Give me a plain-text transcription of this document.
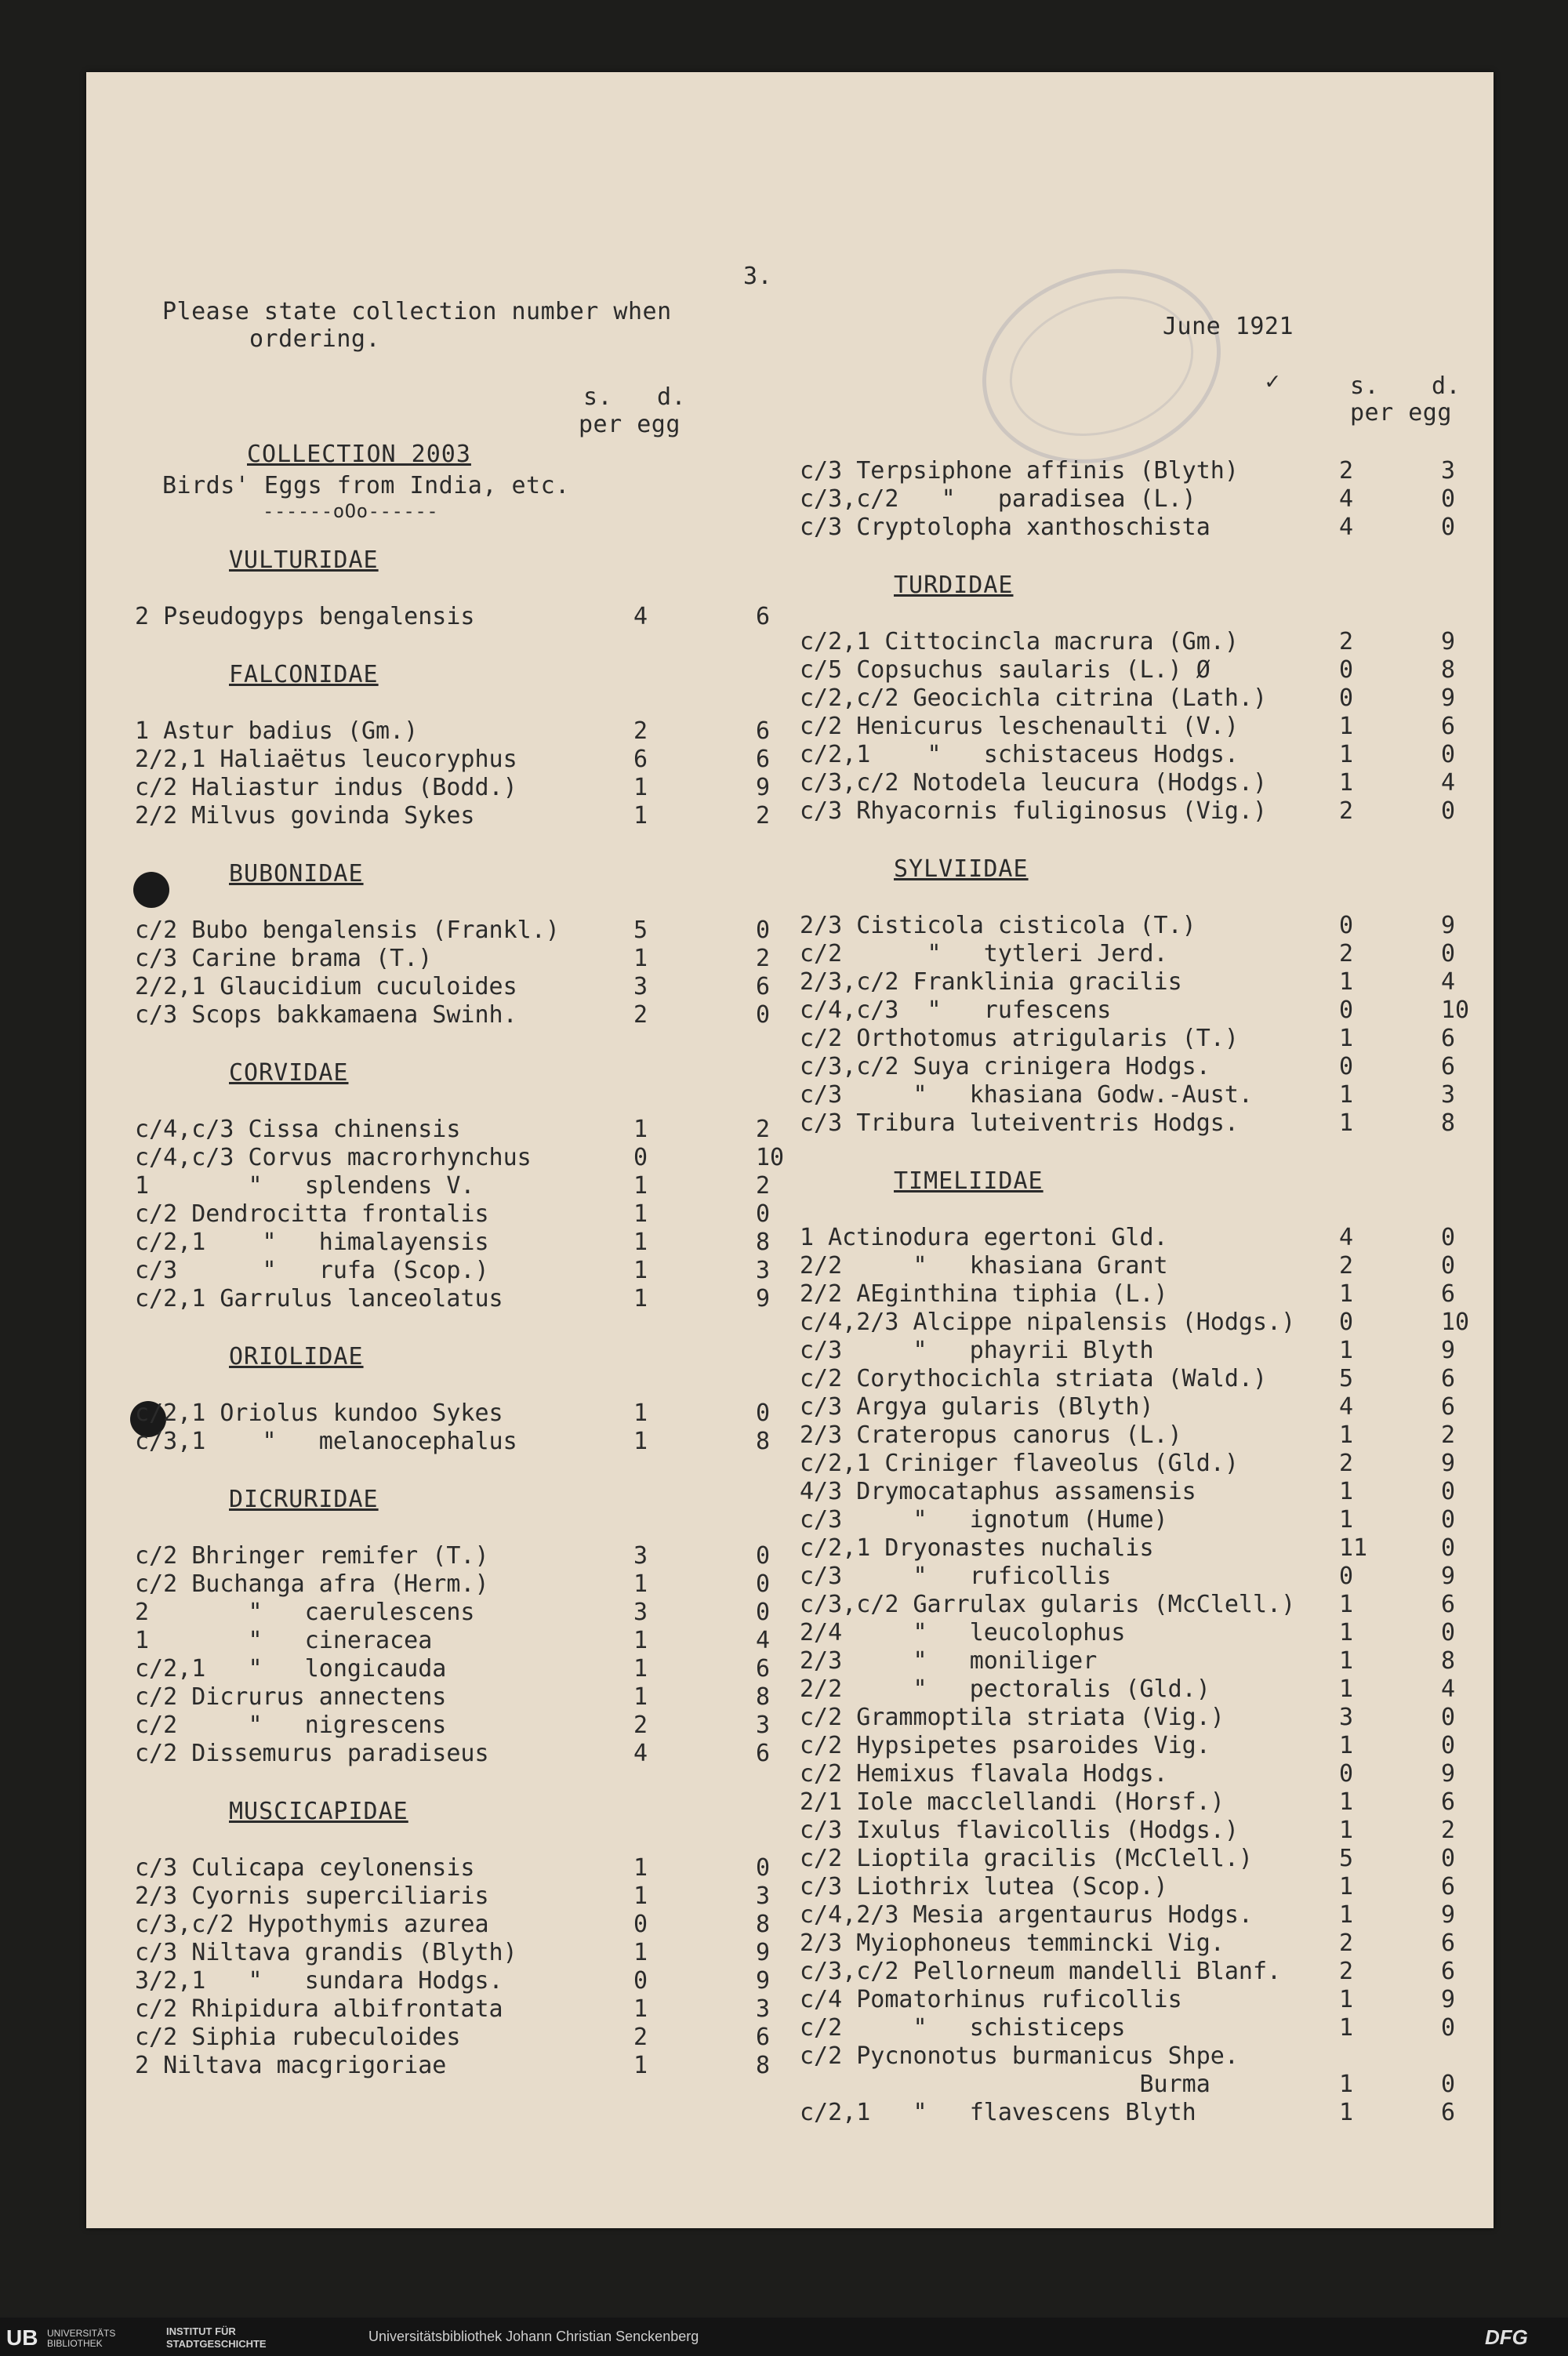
3.
Please state collection number when
ordering.	June 1921
s. d.
per egg
✓	s. d.
per egg
COLLECTION 2003
Birds' Eggs from India, etc.
------oOo------
VULTURIDAE
2 Pseudogyps bengalensis	4	6
FALCONIDAE
1 Astur badius (Gm.)	2	6
2/2,1 Haliaëtus leucoryphus	6	6
c/2 Haliastur indus (Bodd.)	1	9
2/2 Milvus govinda Sykes	1	2
BUBONIDAE
c/2 Bubo bengalensis (Frankl.)	5	0
c/3 Carine brama (T.)	1	2
2/2,1 Glaucidium cuculoides	3	6
c/3 Scops bakkamaena Swinh.	2	0
CORVIDAE
c/4,c/3 Cissa chinensis	1	2
c/4,c/3 Corvus macrorhynchus	0	10
1       "   splendens V.	1	2
c/2 Dendrocitta frontalis	1	0
c/2,1    "   himalayensis	1	8
c/3      "   rufa (Scop.)	1	3
c/2,1 Garrulus lanceolatus	1	9
ORIOLIDAE
c/2,1 Oriolus kundoo Sykes	1	0
c/3,1    "   melanocephalus	1	8
DICRURIDAE
c/2 Bhringer remifer (T.)	3	0
c/2 Buchanga afra (Herm.)	1	0
2       "   caerulescens	3	0
1       "   cineracea	1	4
c/2,1   "   longicauda	1	6
c/2 Dicrurus annectens	1	8
c/2     "   nigrescens	2	3
c/2 Dissemurus paradiseus	4	6
MUSCICAPIDAE
c/3 Culicapa ceylonensis	1	0
2/3 Cyornis superciliaris	1	3
c/3,c/2 Hypothymis azurea	0	8
c/3 Niltava grandis (Blyth)	1	9
3/2,1   "   sundara Hodgs.	0	9
c/2 Rhipidura albifrontata	1	3
c/2 Siphia rubeculoides	2	6
2 Niltava macgrigoriae	1	8
c/3 Terpsiphone affinis (Blyth)	2	3
c/3,c/2   "   paradisea (L.)	4	0
c/3 Cryptolopha xanthoschista	4	0
TURDIDAE
c/2,1 Cittocincla macrura (Gm.)	2	9
c/5 Copsuchus saularis (L.) Ø	0	8
c/2,c/2 Geocichla citrina (Lath.)	0	9
c/2 Henicurus leschenaulti (V.)	1	6
c/2,1    "   schistaceus Hodgs.	1	0
c/3,c/2 Notodela leucura (Hodgs.)	1	4
c/3 Rhyacornis fuliginosus (Vig.)	2	0
SYLVIIDAE
2/3 Cisticola cisticola (T.)	0	9
c/2      "   tytleri Jerd.	2	0
2/3,c/2 Franklinia gracilis	1	4
c/4,c/3  "   rufescens	0	10
c/2 Orthotomus atrigularis (T.)	1	6
c/3,c/2 Suya crinigera Hodgs.	0	6
c/3     "   khasiana Godw.-Aust.	1	3
c/3 Tribura luteiventris Hodgs.	1	8
TIMELIIDAE
1 Actinodura egertoni Gld.	4	0
2/2     "   khasiana Grant	2	0
2/2 AEginthina tiphia (L.)	1	6
c/4,2/3 Alcippe nipalensis (Hodgs.) 0	10
c/3     "   phayrii Blyth	1	9
c/2 Corythocichla striata (Wald.)	5	6
c/3 Argya gularis (Blyth)	4	6
2/3 Crateropus canorus (L.)	1	2
c/2,1 Criniger flaveolus (Gld.)	2	9
4/3 Drymocataphus assamensis	1	0
c/3     "   ignotum (Hume)	1	0
c/2,1 Dryonastes nuchalis	11	0
c/3     "   ruficollis	0	9
c/3,c/2 Garrulax gularis (McClell.) 1	6
2/4     "   leucolophus	1	0
2/3     "   moniliger	1	8
2/2     "   pectoralis (Gld.)	1	4
c/2 Grammoptila striata (Vig.)	3	0
c/2 Hypsipetes psaroides Vig.	1	0
c/2 Hemixus flavala Hodgs.	0	9
2/1 Iole macclellandi (Horsf.)	1	6
c/3 Ixulus flavicollis (Hodgs.)	1	2
c/2 Lioptila gracilis (McClell.)	5	0
c/3 Liothrix lutea (Scop.)	1	6
c/4,2/3 Mesia argentaurus Hodgs.	1	9
2/3 Myiophoneus temmincki Vig.	2	6
c/3,c/2 Pellorneum mandelli Blanf. 2	6
c/4 Pomatorhinus ruficollis	1	9
c/2     "   schisticeps	1	0
c/2 Pycnonotus burmanicus Shpe.
Burma	1	0
c/2,1   "   flavescens Blyth	1	6
UB UNIVERSITÄTS BIBLIOTHEK
INSTITUT FÜR
STADTGESCHICHTE	Universitätsbibliothek Johann Christian Senckenberg	DFG
